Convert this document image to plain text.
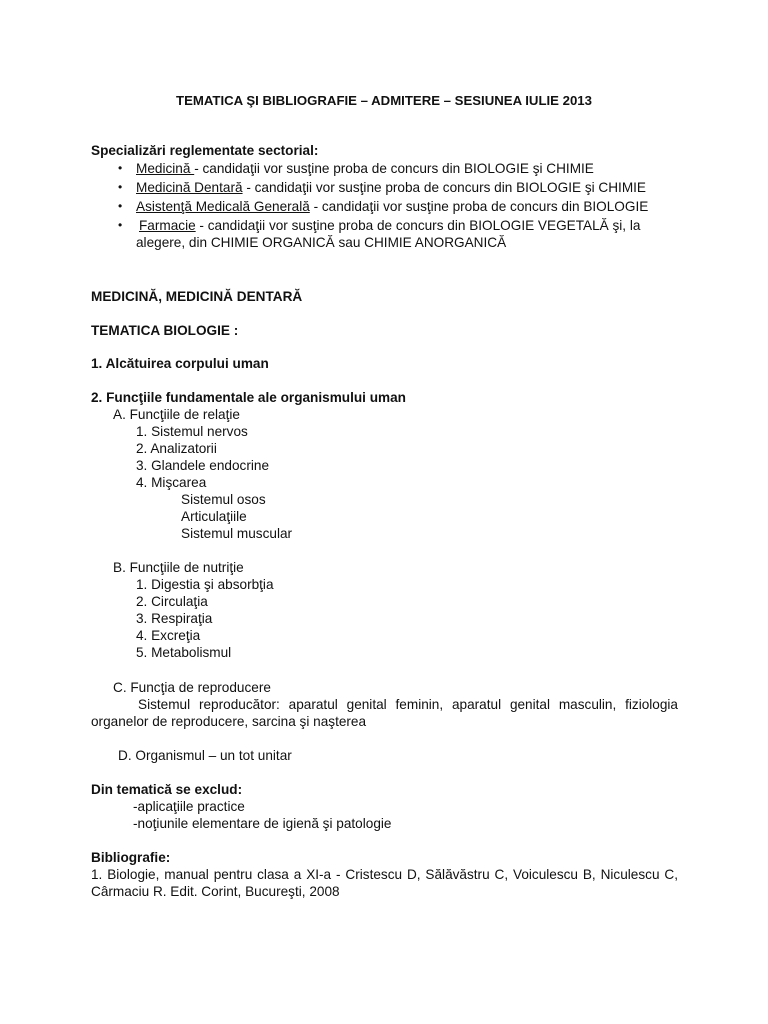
TEMATICA ŞI BIBLIOGRAFIE – ADMITERE – SESIUNEA IULIE 2013
Specializări reglementate sectorial:
• Medicină - candidaţii vor susţine proba de concurs din BIOLOGIE şi CHIMIE
• Medicină Dentară - candidaţii vor susţine proba de concurs din BIOLOGIE şi CHIMIE
• Asistenţă Medicală Generală - candidaţii vor susţine proba de concurs din BIOLOGIE
• Farmacie - candidaţii vor susţine proba de concurs din BIOLOGIE VEGETALĂ şi, la
alegere, din CHIMIE ORGANICĂ sau CHIMIE ANORGANICĂ
MEDICINĂ, MEDICINĂ DENTARĂ
TEMATICA BIOLOGIE :
1. Alcătuirea corpului uman
2. Funcţiile fundamentale ale organismului uman
A. Funcţiile de relaţie
1. Sistemul nervos
2. Analizatorii
3. Glandele endocrine
4. Mişcarea
Sistemul osos
Articulaţiile
Sistemul muscular
B. Funcţiile de nutriţie
1. Digestia şi absorbţia
2. Circulaţia
3. Respiraţia
4. Excreţia
5. Metabolismul
C. Funcţia de reproducere
Sistemul reproducător: aparatul genital feminin, aparatul genital masculin, fiziologia organelor de reproducere, sarcina şi naşterea
D. Organismul – un tot unitar
Din tematică se exclud:
-aplicaţiile practice
-noţiunile elementare de igienă şi patologie
Bibliografie:
1. Biologie, manual pentru clasa a XI-a - Cristescu D, Sălăvăstru C, Voiculescu B, Niculescu C, Cârmaciu R. Edit. Corint, Bucureşti, 2008
